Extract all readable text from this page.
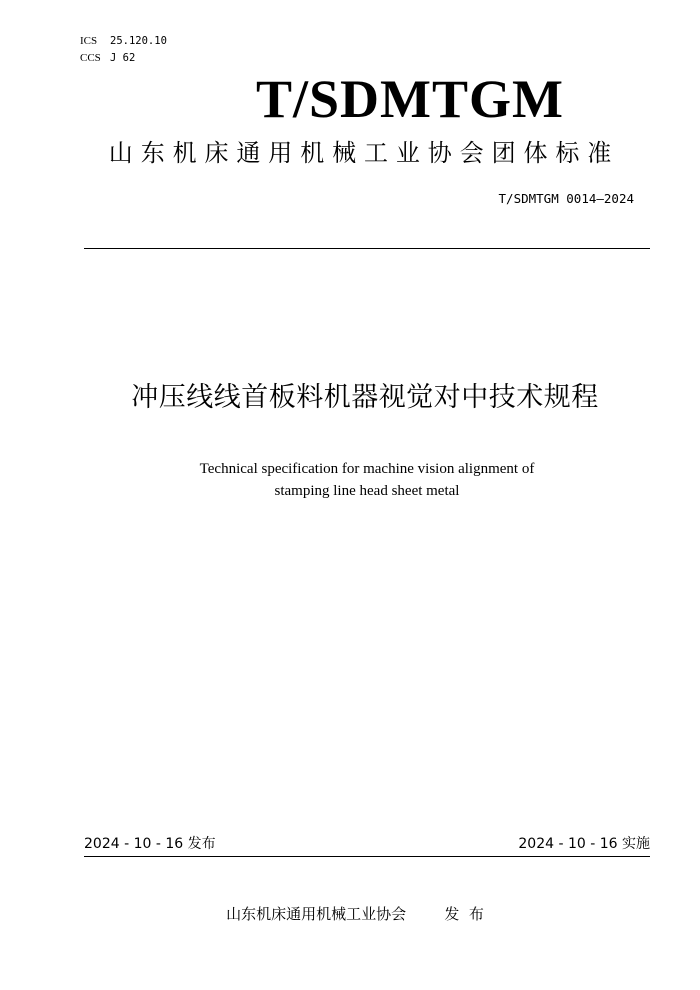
ICS 25.120.10
CCS J 62
T/SDMTGM
山东机床通用机械工业协会团体标准
T/SDMTGM 0014—2024
冲压线线首板料机器视觉对中技术规程
Technical specification for machine vision alignment of
stamping line head sheet metal
2024 - 10 - 16 发布	2024 - 10 - 16 实施
山东机床通用机械工业协会	发  布
